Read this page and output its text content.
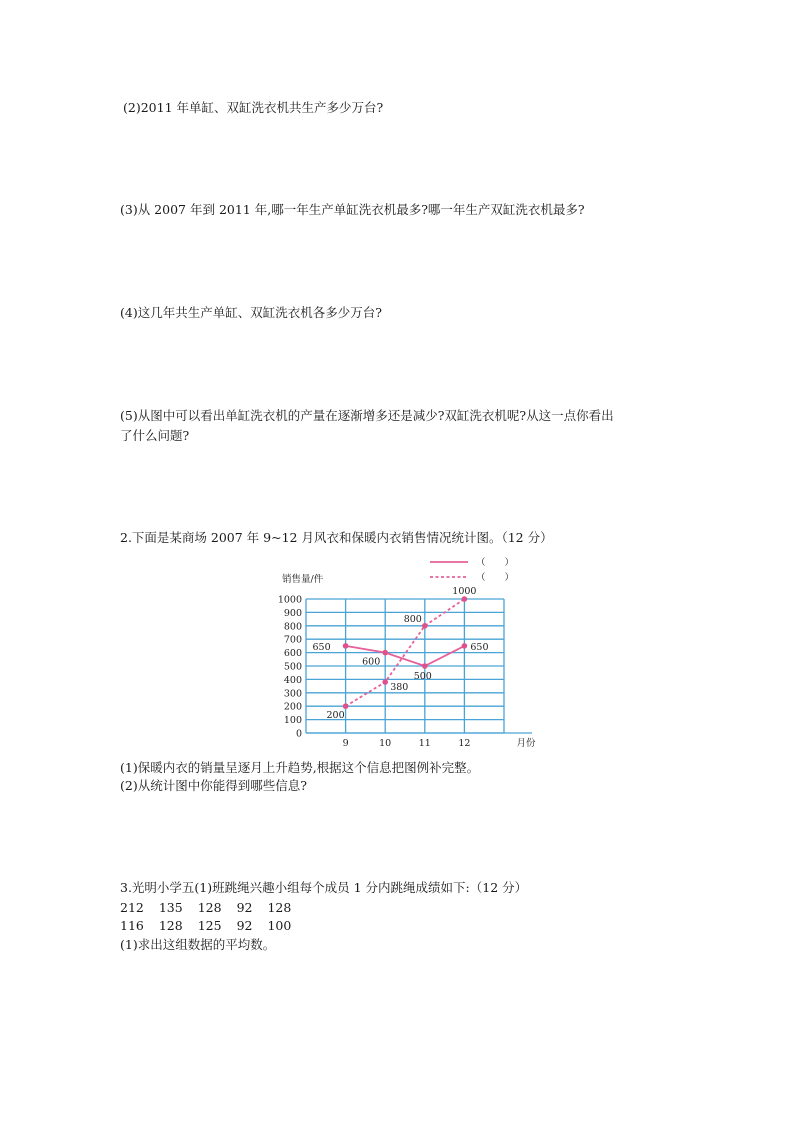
(2)2011 年单缸、双缸洗衣机共生产多少万台?

(3)从 2007 年到 2011 年,哪一年生产单缸洗衣机最多?哪一年生产双缸洗衣机最多?

(4)这几年共生产单缸、双缸洗衣机各多少万台?

(5)从图中可以看出单缸洗衣机的产量在逐渐增多还是减少?双缸洗衣机呢?从这一点你看出

了什么问题?

2.下面是某商场 2007 年 9~12 月风衣和保暖内衣销售情况统计图。（12 分）

0
100
200
300
400
500
600
700
800
900
1000
9	10	11	12	月份
销售量/件
650
600
500
650
200
380
800
1000
（　　）
（　　）

(1)保暖内衣的销量呈逐月上升趋势,根据这个信息把图例补完整。

(2)从统计图中你能得到哪些信息?

3.光明小学五(1)班跳绳兴趣小组每个成员 1 分内跳绳成绩如下:（12 分）

212 135 128 92 128
116 128 125 92 100

(1)求出这组数据的平均数。
